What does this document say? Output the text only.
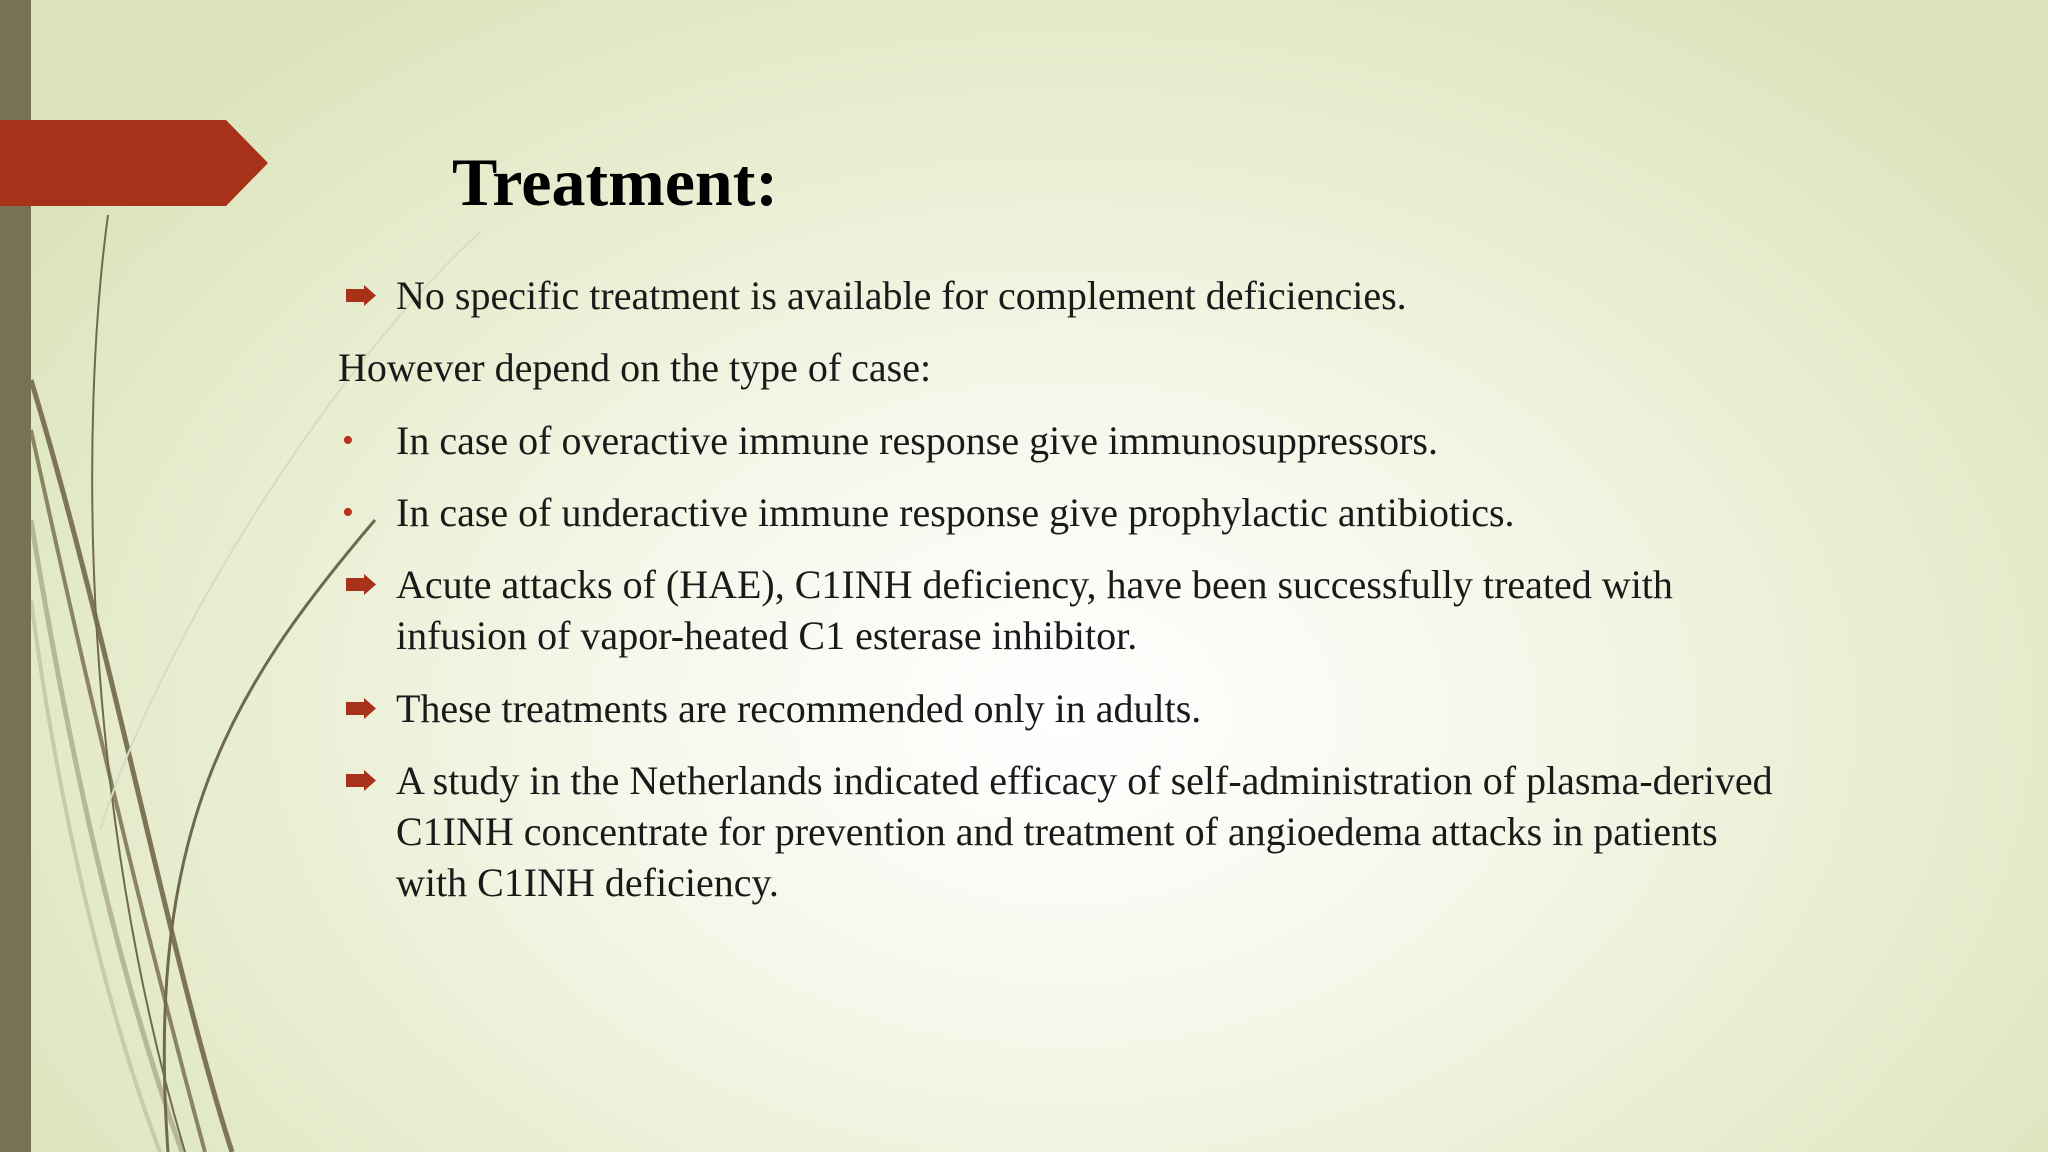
Treatment:
No specific treatment is available for complement deficiencies.
However depend on the type of case:
•	In case of overactive immune response give immunosuppressors.
•	In case of underactive immune response give prophylactic antibiotics.
Acute attacks of (HAE), C1INH deficiency, have been successfully treated with infusion of vapor-heated C1 esterase inhibitor.
These treatments are recommended only in adults.
A study in the Netherlands indicated efficacy of self-administration of plasma-derived C1INH concentrate for prevention and treatment of angioedema attacks in patients with C1INH deficiency.
